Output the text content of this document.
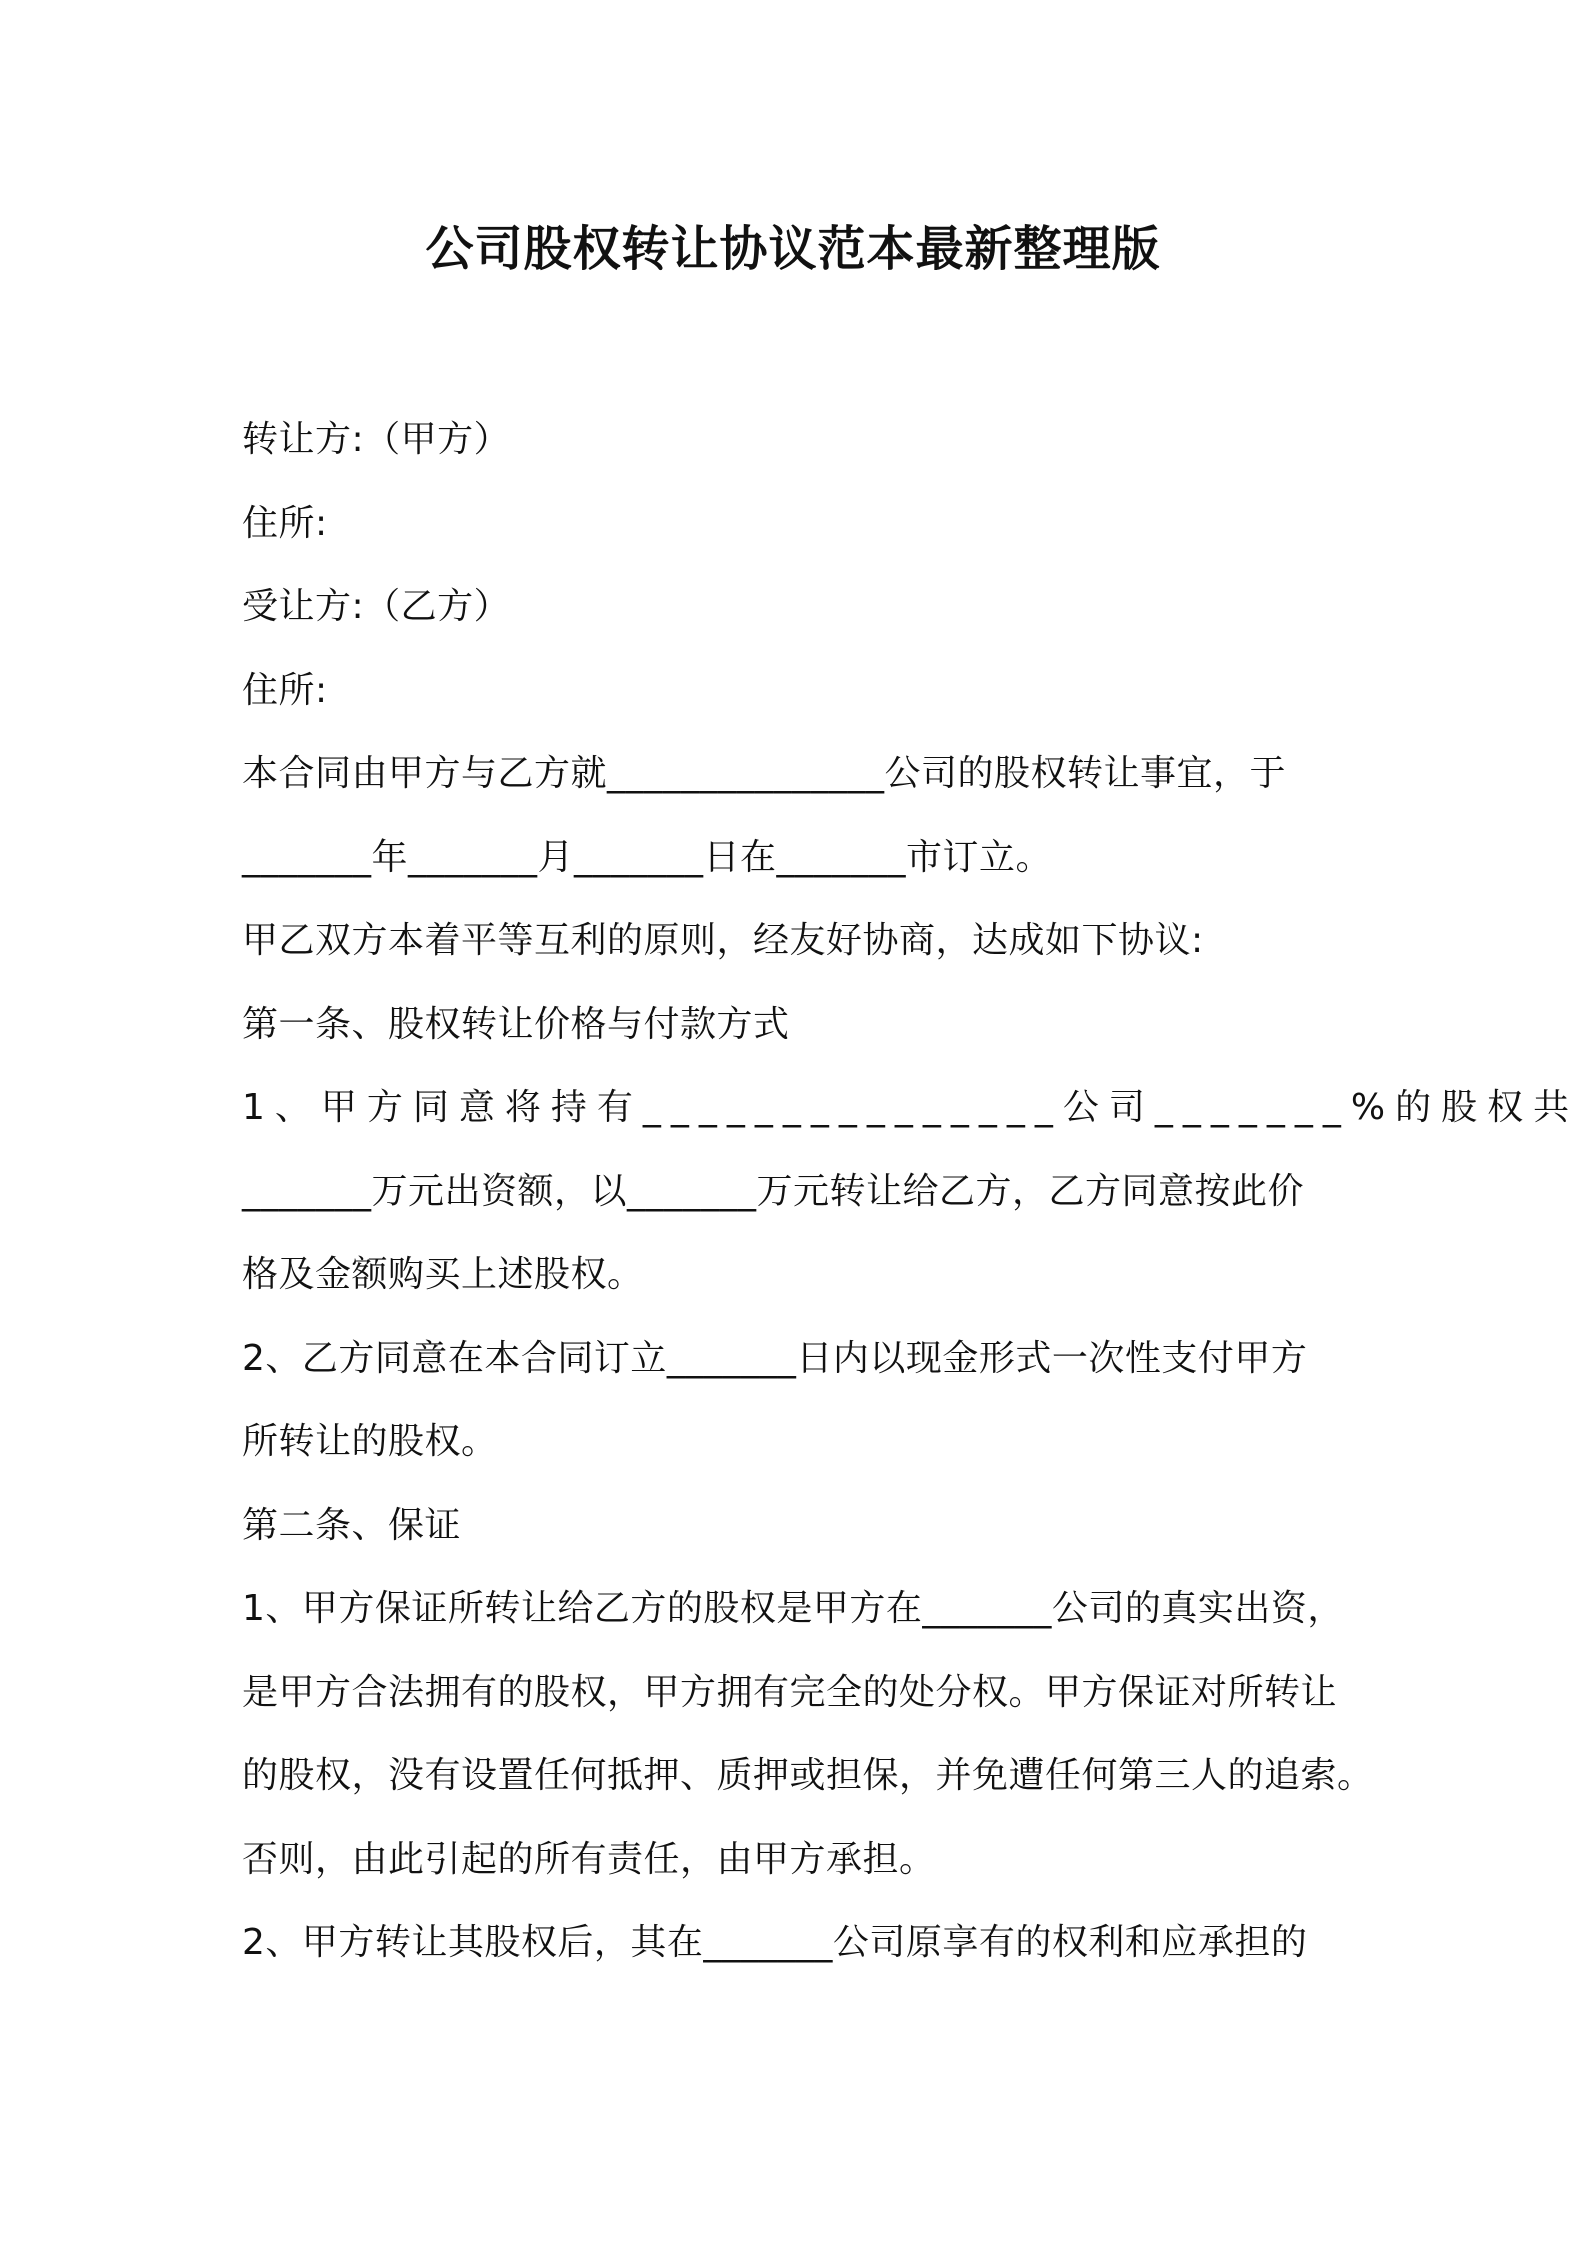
公司股权转让协议范本最新整理版
转让方:（甲方）
住所:
受让方:（乙方）
住所:
本合同由甲方与乙方就_______________公司的股权转让事宜，于
_______年_______月_______日在_______市订立。
甲乙双方本着平等互利的原则，经友好协商，达成如下协议:
第一条、股权转让价格与付款方式
1、甲方同意将持有_______________公司_______%的股权共
_______万元出资额，以_______万元转让给乙方，乙方同意按此价
格及金额购买上述股权。
2、乙方同意在本合同订立_______日内以现金形式一次性支付甲方
所转让的股权。
第二条、保证
1、甲方保证所转让给乙方的股权是甲方在_______公司的真实出资，
是甲方合法拥有的股权，甲方拥有完全的处分权。甲方保证对所转让
的股权，没有设置任何抵押、质押或担保，并免遭任何第三人的追索。
否则，由此引起的所有责任，由甲方承担。
2、甲方转让其股权后，其在_______公司原享有的权利和应承担的
